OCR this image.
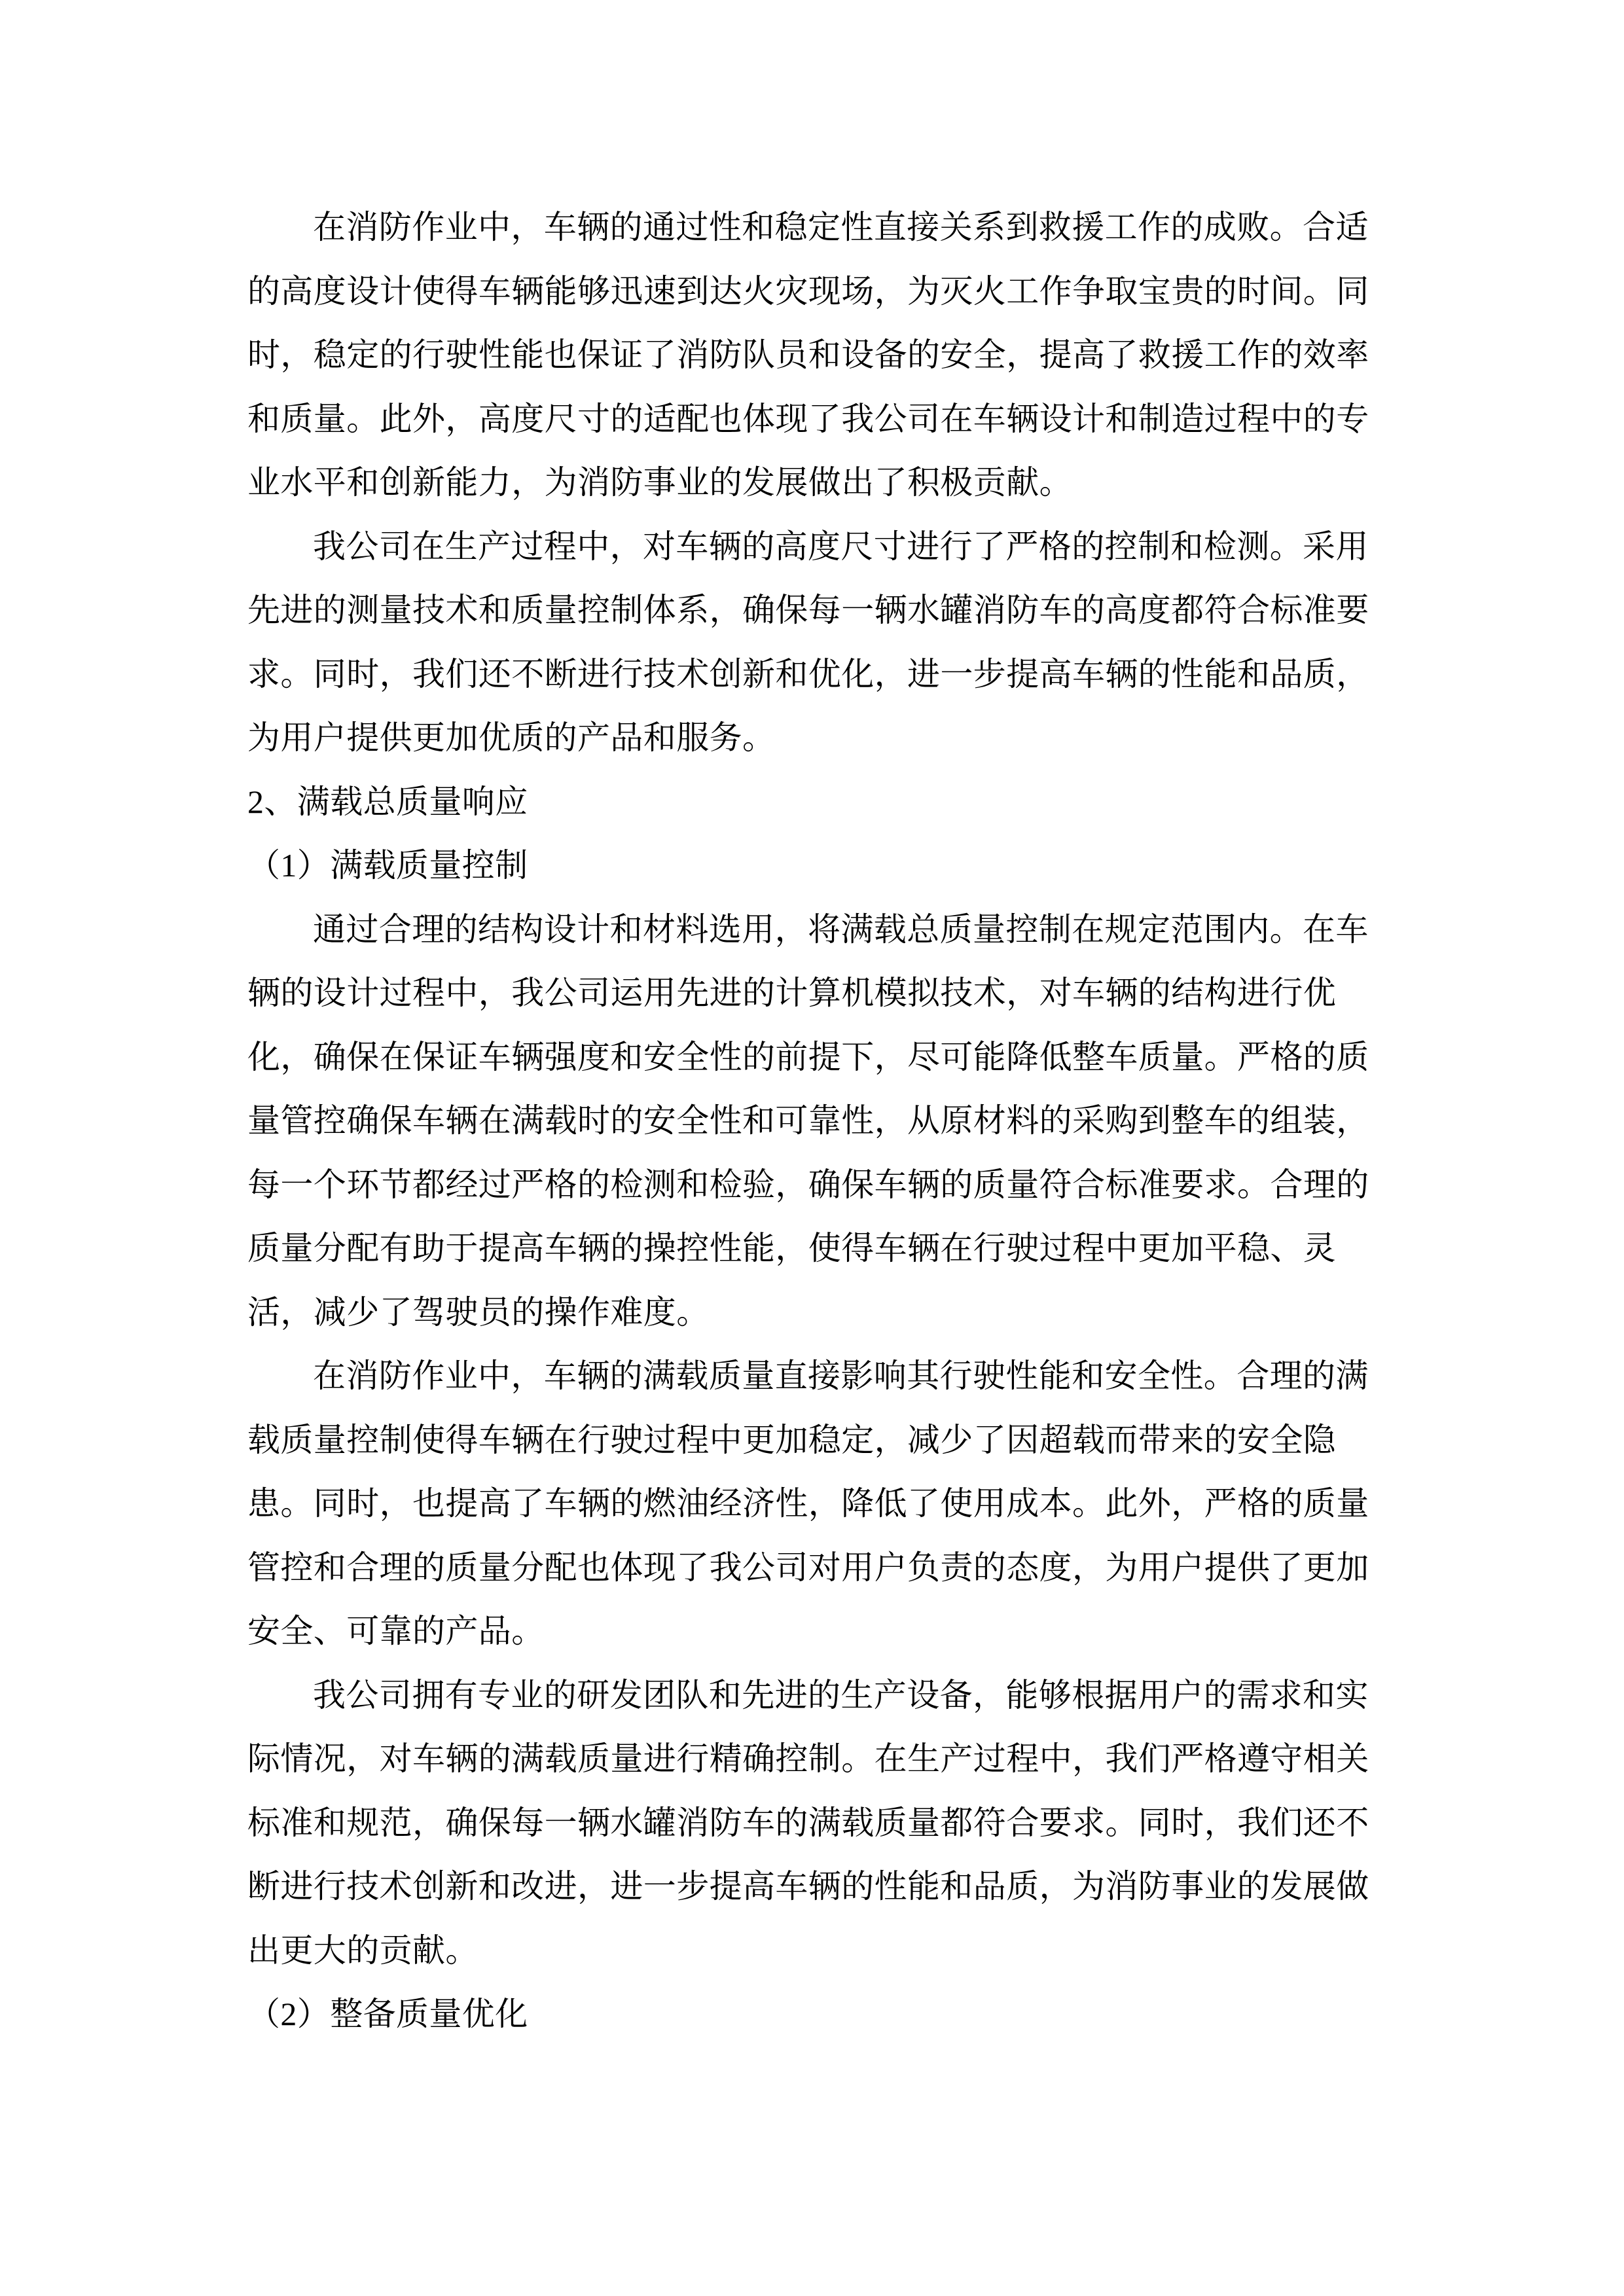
在消防作业中，车辆的通过性和稳定性直接关系到救援工作的成败。合适
的高度设计使得车辆能够迅速到达火灾现场，为灭火工作争取宝贵的时间。同
时，稳定的行驶性能也保证了消防队员和设备的安全，提高了救援工作的效率
和质量。此外，高度尺寸的适配也体现了我公司在车辆设计和制造过程中的专
业水平和创新能力，为消防事业的发展做出了积极贡献。
我公司在生产过程中，对车辆的高度尺寸进行了严格的控制和检测。采用
先进的测量技术和质量控制体系，确保每一辆水罐消防车的高度都符合标准要
求。同时，我们还不断进行技术创新和优化，进一步提高车辆的性能和品质，
为用户提供更加优质的产品和服务。
2、满载总质量响应
（1）满载质量控制
通过合理的结构设计和材料选用，将满载总质量控制在规定范围内。在车
辆的设计过程中，我公司运用先进的计算机模拟技术，对车辆的结构进行优
化，确保在保证车辆强度和安全性的前提下，尽可能降低整车质量。严格的质
量管控确保车辆在满载时的安全性和可靠性，从原材料的采购到整车的组装，
每一个环节都经过严格的检测和检验，确保车辆的质量符合标准要求。合理的
质量分配有助于提高车辆的操控性能，使得车辆在行驶过程中更加平稳、灵
活，减少了驾驶员的操作难度。
在消防作业中，车辆的满载质量直接影响其行驶性能和安全性。合理的满
载质量控制使得车辆在行驶过程中更加稳定，减少了因超载而带来的安全隐
患。同时，也提高了车辆的燃油经济性，降低了使用成本。此外，严格的质量
管控和合理的质量分配也体现了我公司对用户负责的态度，为用户提供了更加
安全、可靠的产品。
我公司拥有专业的研发团队和先进的生产设备，能够根据用户的需求和实
际情况，对车辆的满载质量进行精确控制。在生产过程中，我们严格遵守相关
标准和规范，确保每一辆水罐消防车的满载质量都符合要求。同时，我们还不
断进行技术创新和改进，进一步提高车辆的性能和品质，为消防事业的发展做
出更大的贡献。
（2）整备质量优化
